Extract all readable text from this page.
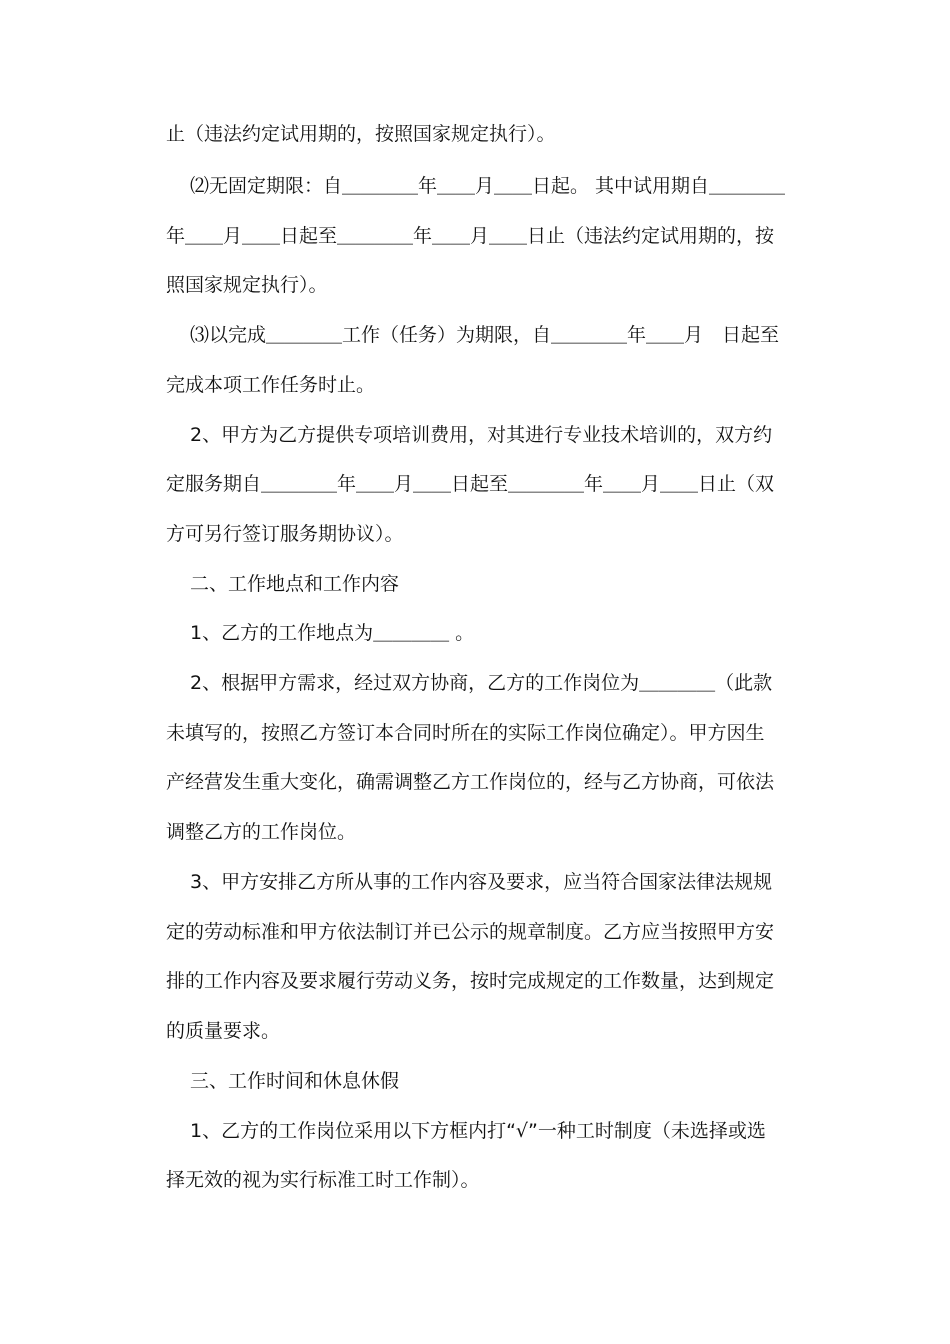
止（违法约定试用期的，按照国家规定执行）。
⑵无固定期限：自＿＿＿＿年＿＿月＿＿日起。 其中试用期自＿＿＿＿
年＿＿月＿＿日起至＿＿＿＿年＿＿月＿＿日止（违法约定试用期的，按
照国家规定执行）。
⑶以完成＿＿＿＿工作（任务）为期限，自＿＿＿＿年＿＿月　日起至
完成本项工作任务时止。
2、甲方为乙方提供专项培训费用，对其进行专业技术培训的，双方约
定服务期自＿＿＿＿年＿＿月＿＿日起至＿＿＿＿年＿＿月＿＿日止（双
方可另行签订服务期协议）。
二、工作地点和工作内容
1、乙方的工作地点为＿＿＿＿ 。
2、根据甲方需求，经过双方协商，乙方的工作岗位为＿＿＿＿（此款
未填写的，按照乙方签订本合同时所在的实际工作岗位确定）。甲方因生
产经营发生重大变化，确需调整乙方工作岗位的，经与乙方协商，可依法
调整乙方的工作岗位。
3、甲方安排乙方所从事的工作内容及要求，应当符合国家法律法规规
定的劳动标准和甲方依法制订并已公示的规章制度。乙方应当按照甲方安
排的工作内容及要求履行劳动义务，按时完成规定的工作数量，达到规定
的质量要求。
三、工作时间和休息休假
1、乙方的工作岗位采用以下方框内打“√”一种工时制度（未选择或选
择无效的视为实行标准工时工作制）。
